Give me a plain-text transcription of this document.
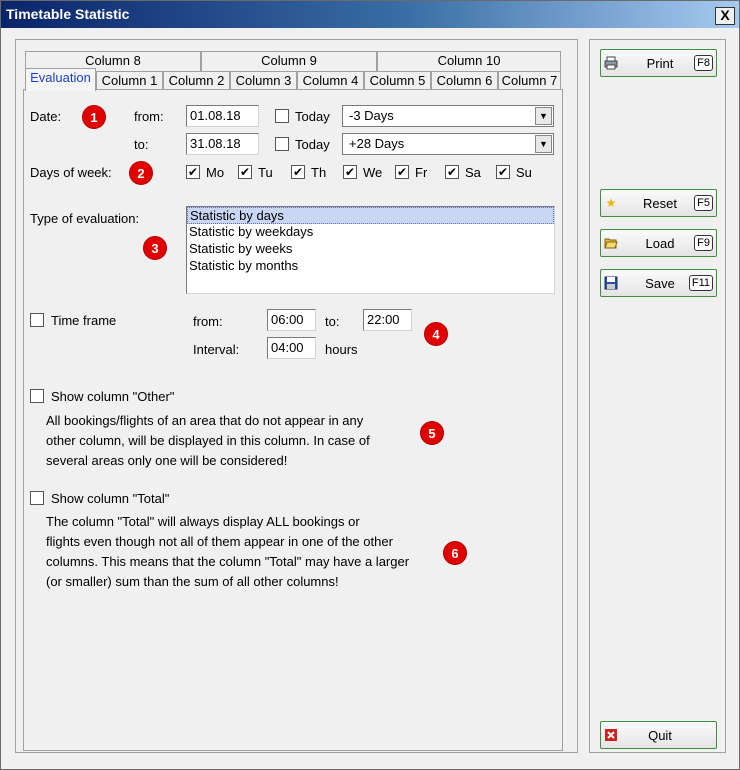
Timetable Statistic	X
Column 8	Column 9	Column 10
Evaluation Column 1 Column 2 Column 3 Column 4 Column 5 Column 6 Column 7
Date:	1	from:	01.08.18	Today	-3 Days	▼
to:	31.08.18	Today	+28 Days	▼
Days of week:	2	✔ Mo ✔ Tu ✔ Th ✔ We ✔ Fr ✔ Sa ✔ Su
Type of evaluation:
3
Statistic by days
Statistic by weekdays
Statistic by weeks
Statistic by months
Time frame	from:	06:00	to:	22:00
4
Interval:	04:00	hours
Show column "Other"
All bookings/flights of an area that do not appear in any
other column, will be displayed in this column. In case of
several areas only one will be considered!
5
Show column "Total"
The column "Total" will always display ALL bookings or
flights even though not all of them appear in one of the other
columns. This means that the column "Total" may have a larger
(or smaller) sum than the sum of all other columns!
6
Print	F8
★	Reset	F5
Load	F9
Save	F11
Quit
